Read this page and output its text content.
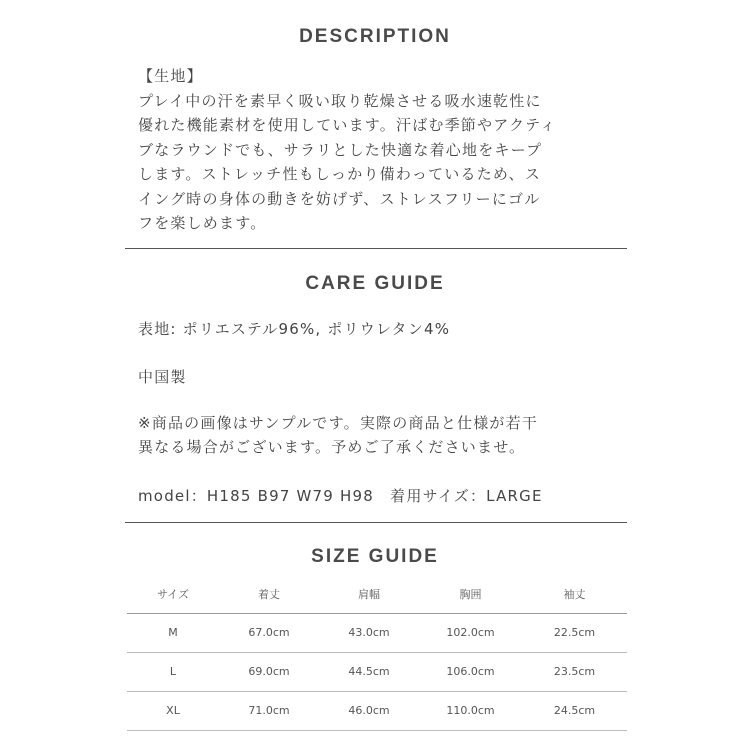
DESCRIPTION
【生地】
プレイ中の汗を素早く吸い取り乾燥させる吸水速乾性に
優れた機能素材を使用しています。汗ばむ季節やアクティ
ブなラウンドでも、サラリとした快適な着心地をキープ
します。ストレッチ性もしっかり備わっているため、ス
イング時の身体の動きを妨げず、ストレスフリーにゴル
フを楽しめます。
CARE GUIDE
表地: ポリエステル96%, ポリウレタン4%
中国製
※商品の画像はサンプルです。実際の商品と仕様が若干
異なる場合がございます。予めご了承くださいませ。
model：H185 B97 W79 H98　着用サイズ：LARGE
SIZE GUIDE
サイズ	着丈	肩幅	胸囲	袖丈
M	67.0cm	43.0cm	102.0cm	22.5cm
L	69.0cm	44.5cm	106.0cm	23.5cm
XL	71.0cm	46.0cm	110.0cm	24.5cm
